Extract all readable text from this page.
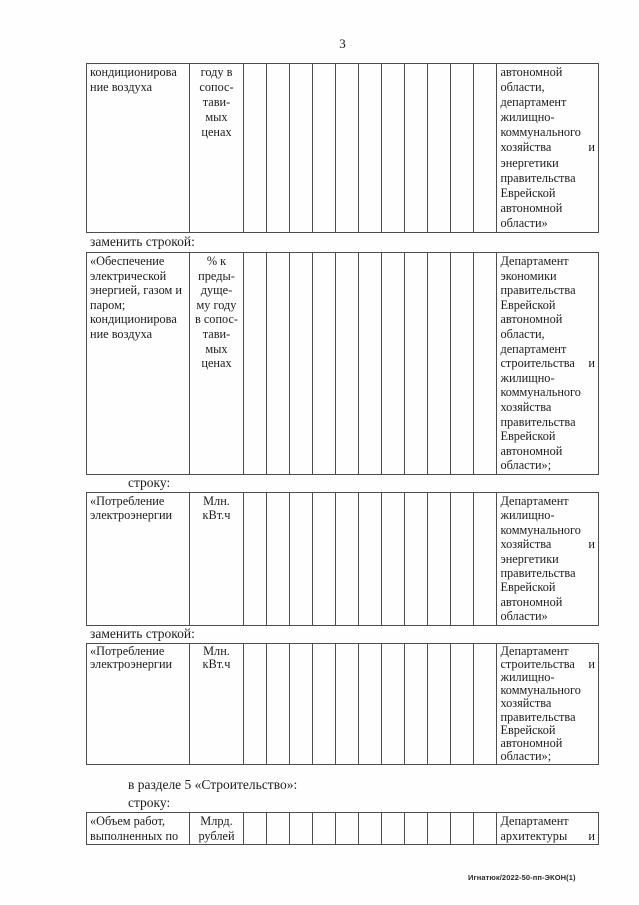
3
кондиционирова ние воздуха	году в сопос- тави- мых ценах												автономной области, департамент жилищно-коммунального хозяйства и энергетики правительства Еврейской автономной области»
заменить строкой:
«Обеспечение электрической энергией, газом и паром; кондиционирова ние воздуха	% к преды- дуще- му году в сопос- тави- мых ценах												Департамент экономики правительства Еврейской автономной области, департамент строительства и жилищно-коммунального хозяйства правительства Еврейской автономной области»;
строку:
«Потребление электроэнергии	Млн. кВт.ч												Департамент жилищно-коммунального хозяйства и энергетики правительства Еврейской автономной области»
заменить строкой:
«Потребление электроэнергии	Млн. кВт.ч												Департамент строительства и жилищно-коммунального хозяйства правительства Еврейской автономной области»;
в разделе 5 «Строительство»:
строку:
«Объем работ, выполненных по	Млрд. рублей												Департамент архитектуры и
Игнатюк/2022-50-пп-ЭКОН(1)
